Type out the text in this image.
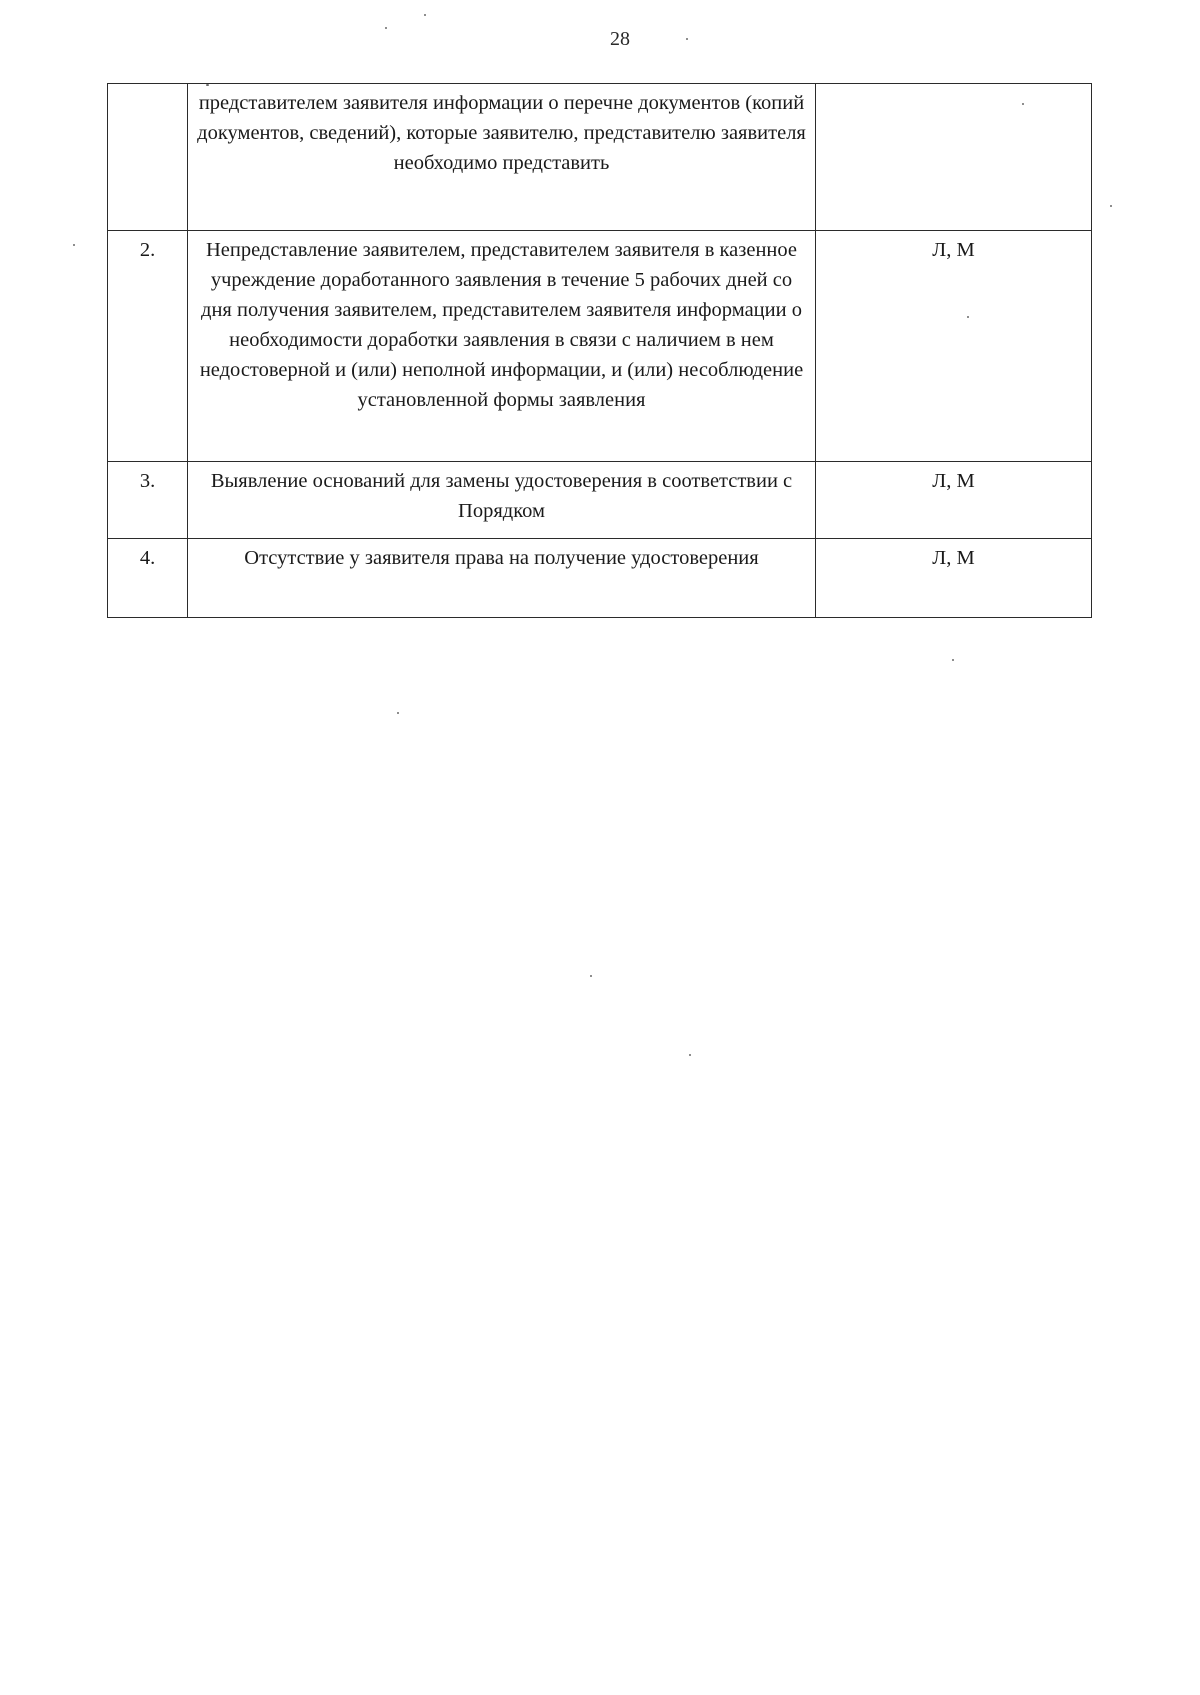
28
	представителем заявителя информации о перечне документов (копий документов, сведений), которые заявителю, представителю заявителя необходимо представить	
2.	Непредставление заявителем, представителем заявителя в казенное учреждение доработанного заявления в течение 5 рабочих дней со дня получения заявителем, представителем заявителя информации о необходимости доработки заявления в связи с наличием в нем недостоверной и (или) неполной информации, и (или) несоблюдение установленной формы заявления	Л, М
3.	Выявление оснований для замены удостоверения в соответствии с Порядком	Л, М
4.	Отсутствие у заявителя права на получение удостоверения	Л, М
